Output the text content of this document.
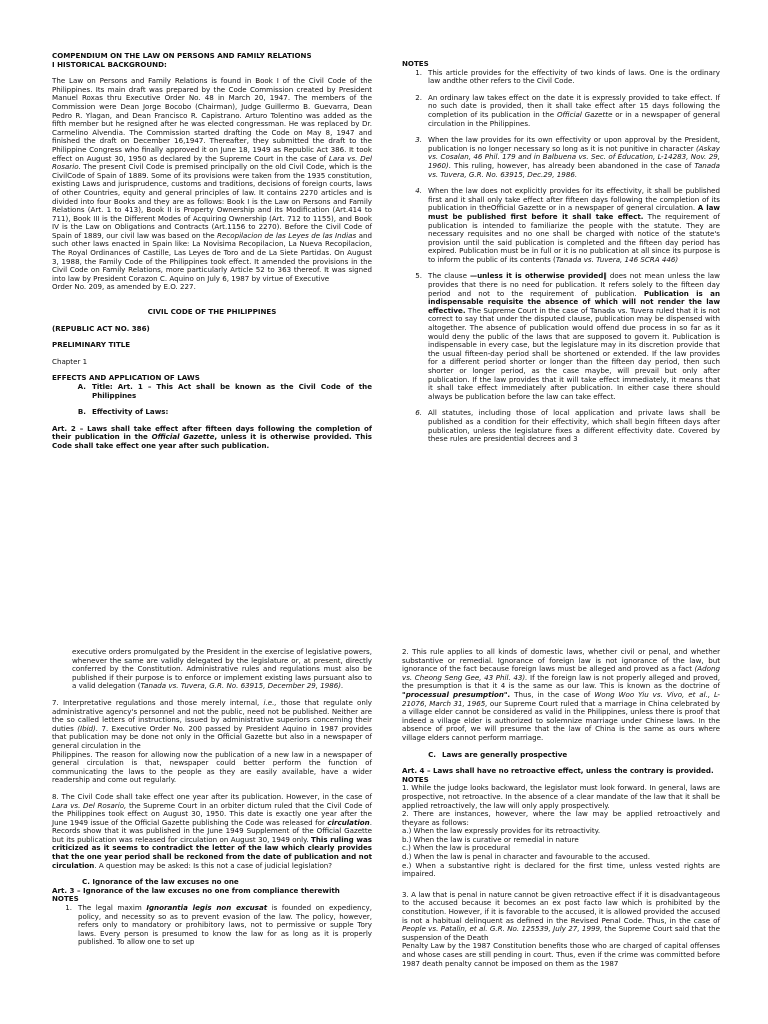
COMPENDIUM ON THE LAW ON PERSONS AND FAMILY RELATIONS
I HISTORICAL BACKGROUND:

The Law on Persons and Family Relations is found in Book I of the Civil Code of the Philippines. Its main draft was prepared by the Code Commission created by President Manuel Roxas thru Executive Order No. 48 in March 20, 1947. The members of the Commission were Dean Jorge Bocobo (Chairman), Judge Guillermo B. Guevarra, Dean Pedro R. Ylagan, and Dean Francisco R. Capistrano. Arturo Tolentino was added as the fifth member but he resigned after he was elected congressman. He was replaced by Dr. Carmelino Alvendia. The Commission started drafting the Code on May 8, 1947 and finished the draft on December 16,1947. Thereafter, they submitted the draft to the Philippine Congress who finally approved it on June 18, 1949 as Republic Act 386. It took effect on August 30, 1950 as declared by the Supreme Court in the case of Lara vs. Del Rosario. The present Civil Code is premised principally on the old Civil Code, which is the CivilCode of Spain of 1889. Some of its provisions were taken from the 1935 constitution, existing Laws and jurisprudence, customs and traditions, decisions of foreign courts, laws of other Countries, equity and general principles of law. It contains 2270 articles and is divided into four Books and they are as follows: Book I is the Law on Persons and Family Relations (Art. 1 to 413), Book II is Property Ownership and its Modification (Art.414 to 711), Book III is the Different Modes of Acquiring Ownership (Art. 712 to 1155), and Book IV is the Law on Obligations and Contracts (Art.1156 to 2270). Before the Civil Code of Spain of 1889, our civil law was based on the Recopilacion de las Leyes de las Indias and such other laws enacted in Spain like: La Novisima Recopilacion, La Nueva Recopilacion, The Royal Ordinances of Castille, Las Leyes de Toro and de La Siete Partidas. On August 3, 1988, the Family Code of the Philippines took effect. It amended the provisions in the Civil Code on Family Relations, more particularly Article 52 to 363 thereof. It was signed into law by President Corazon C. Aquino on July 6, 1987 by virtue of Executive
Order No. 209, as amended by E.O. 227.

CIVIL CODE OF THE PHILIPPINES

(REPUBLIC ACT NO. 386)

PRELIMINARY TITLE

Chapter 1

EFFECTS AND APPLICATION OF LAWS
A. Title: Art. 1 – This Act shall be known as the Civil Code of the Philippines
B. Effectivity of Laws:

Art. 2 – Laws shall take effect after fifteen days following the completion of their publication in the Official Gazette, unless it is otherwise provided. This Code shall take effect one year after such publication.

NOTES
1. This article provides for the effectivity of two kinds of laws. One is the ordinary law andthe other refers to the Civil Code.
2. An ordinary law takes effect on the date it is expressly provided to take effect. If no such date is provided, then it shall take effect after 15 days following the completion of its publication in the Official Gazette or in a newspaper of general circulation in the Philippines.
3. When the law provides for its own effectivity or upon approval by the President, publication is no longer necessary so long as it is not punitive in character (Askay vs. Cosalan, 46 Phil. 179 and in Balbuena vs. Sec. of Education, L-14283, Nov. 29, 1960). This ruling, however, has already been abandoned in the case of Tanada vs. Tuvera, G.R. No. 63915, Dec.29, 1986.
4. When the law does not explicitly provides for its effectivity, it shall be published first and it shall only take effect after fifteen days following the completion of its publication in theOfficial Gazette or in a newspaper of general circulation. A law must be published first before it shall take effect. The requirement of publication is intended to familiarize the people with the statute. They are necessary requisites and no one shall be charged with notice of the statute's provision until the said publication is completed and the fifteen day period has expired. Publication must be in full or it is no publication at all since its purpose is to inform the public of its contents (Tanada vs. Tuvera, 146 SCRA 446)
5. The clause —unless it is otherwise provided‖ does not mean unless the law provides that there is no need for publication. It refers solely to the fifteen day period and not to the requirement of publication. Publication is an indispensable requisite the absence of which will not render the law effective. The Supreme Court in the case of Tanada vs. Tuvera ruled that it is not correct to say that under the disputed clause, publication may be dispensed with altogether. The absence of publication would offend due process in so far as it would deny the public of the laws that are supposed to govern it. Publication is indispensable in every case, but the legislature may in its discretion provide that the usual fifteen-day period shall be shortened or extended. If the law provides for a different period shorter or longer than the fifteen day period, then such shorter or longer period, as the case maybe, will prevail but only after publication. If the law provides that it will take effect immediately, it means that it shall take effect immediately after publication. In either case there should always be publication before the law can take effect.
6. All statutes, including those of local application and private laws shall be published as a condition for their effectivity, which shall begin fifteen days after publication, unless the legislature fixes a different effectivity date. Covered by these rules are presidential decrees and 3

executive orders promulgated by the President in the exercise of legislative powers, whenever the same are validly delegated by the legislature or, at present, directly conferred by the Constitution. Administrative rules and regulations must also be published if their purpose is to enforce or implement existing laws pursuant also to a valid delegation (Tanada vs. Tuvera, G.R. No. 63915, December 29, 1986).

7. Interpretative regulations and those merely internal, i.e., those that regulate only administrative agency's personnel and not the public, need not be published. Neither are the so called letters of instructions, issued by administrative superiors concerning their duties (Ibid). 7. Executive Order No. 200 passed by President Aquino in 1987 provides that publication may be done not only in the Official Gazette but also in a newspaper of general circulation in the
Philippines. The reason for allowing now the publication of a new law in a newspaper of general circulation is that, newspaper could better perform the function of communicating the laws to the people as they are easily available, have a wider readership and come out regularly.

8. The Civil Code shall take effect one year after its publication. However, in the case of Lara vs. Del Rosario, the Supreme Court in an orbiter dictum ruled that the Civil Code of the Philippines took effect on August 30, 1950. This date is exactly one year after the June 1949 issue of the Official Gazette publishing the Code was released for circulation. Records show that it was published in the June 1949 Supplement of the Official Gazette but its publication was released for circulation on August 30, 1949 only. This ruling was criticized as it seems to contradict the letter of the law which clearly provides that the one year period shall be reckoned from the date of publication and not circulation. A question may be asked: Is this not a case of judicial legislation?

C. Ignorance of the law excuses no one
Art. 3 – Ignorance of the law excuses no one from compliance therewith
NOTES
1. The legal maxim Ignorantia legis non excusat is founded on expediency, policy, and necessity so as to prevent evasion of the law. The policy, however, refers only to mandatory or prohibitory laws, not to permissive or supple Tory laws. Every person is presumed to know the law for as long as it is properly published. To allow one to set up

2. This rule applies to all kinds of domestic laws, whether civil or penal, and whether substantive or remedial. Ignorance of foreign law is not ignorance of the law, but ignorance of the fact because foreign laws must be alleged and proved as a fact (Adong vs. Cheong Seng Gee, 43 Phil. 43). If the foreign law is not properly alleged and proved, the presumption is that it 4 is the same as our law. This is known as the doctrine of "processual presumption". Thus, in the case of Wong Woo Yiu vs. Vivo, et al., L-21076, March 31, 1965, our Supreme Court ruled that a marriage in China celebrated by a village elder cannot be considered as valid in the Philippines, unless there is proof that indeed a village elder is authorized to solemnize marriage under Chinese laws. In the absence of proof, we will presume that the law of China is the same as ours where village elders cannot perform marriage.

C. Laws are generally prospective
Art. 4 – Laws shall have no retroactive effect, unless the contrary is provided.
NOTES
1. While the judge looks backward, the legislator must look forward. In general, laws are prospective, not retroactive. In the absence of a clear mandate of the law that it shall be applied retroactively, the law will only apply prospectively.
2. There are instances, however, where the law may be applied retroactively and theyare as follows:

a.) When the law expressly provides for its retroactivity.

b.) When the law is curative or remedial in nature

c.) When the law is procedural

d.) When the law is penal in character and favourable to the accused.

e.) When a substantive right is declared for the first time, unless vested rights are impaired.

3. A law that is penal in nature cannot be given retroactive effect if it is disadvantageous to the accused because it becomes an ex post facto law which is prohibited by the constitution. However, if it is favorable to the accused, it is allowed provided the accused is not a habitual delinquent as defined in the Revised Penal Code. Thus, in the case of People vs. Patalin, et al. G.R. No. 125539, July 27, 1999, the Supreme Court said that the suspension of the Death
Penalty Law by the 1987 Constitution benefits those who are charged of capital offenses and whose cases are still pending in court. Thus, even if the crime was committed before 1987 death penalty cannot be imposed on them as the 1987
